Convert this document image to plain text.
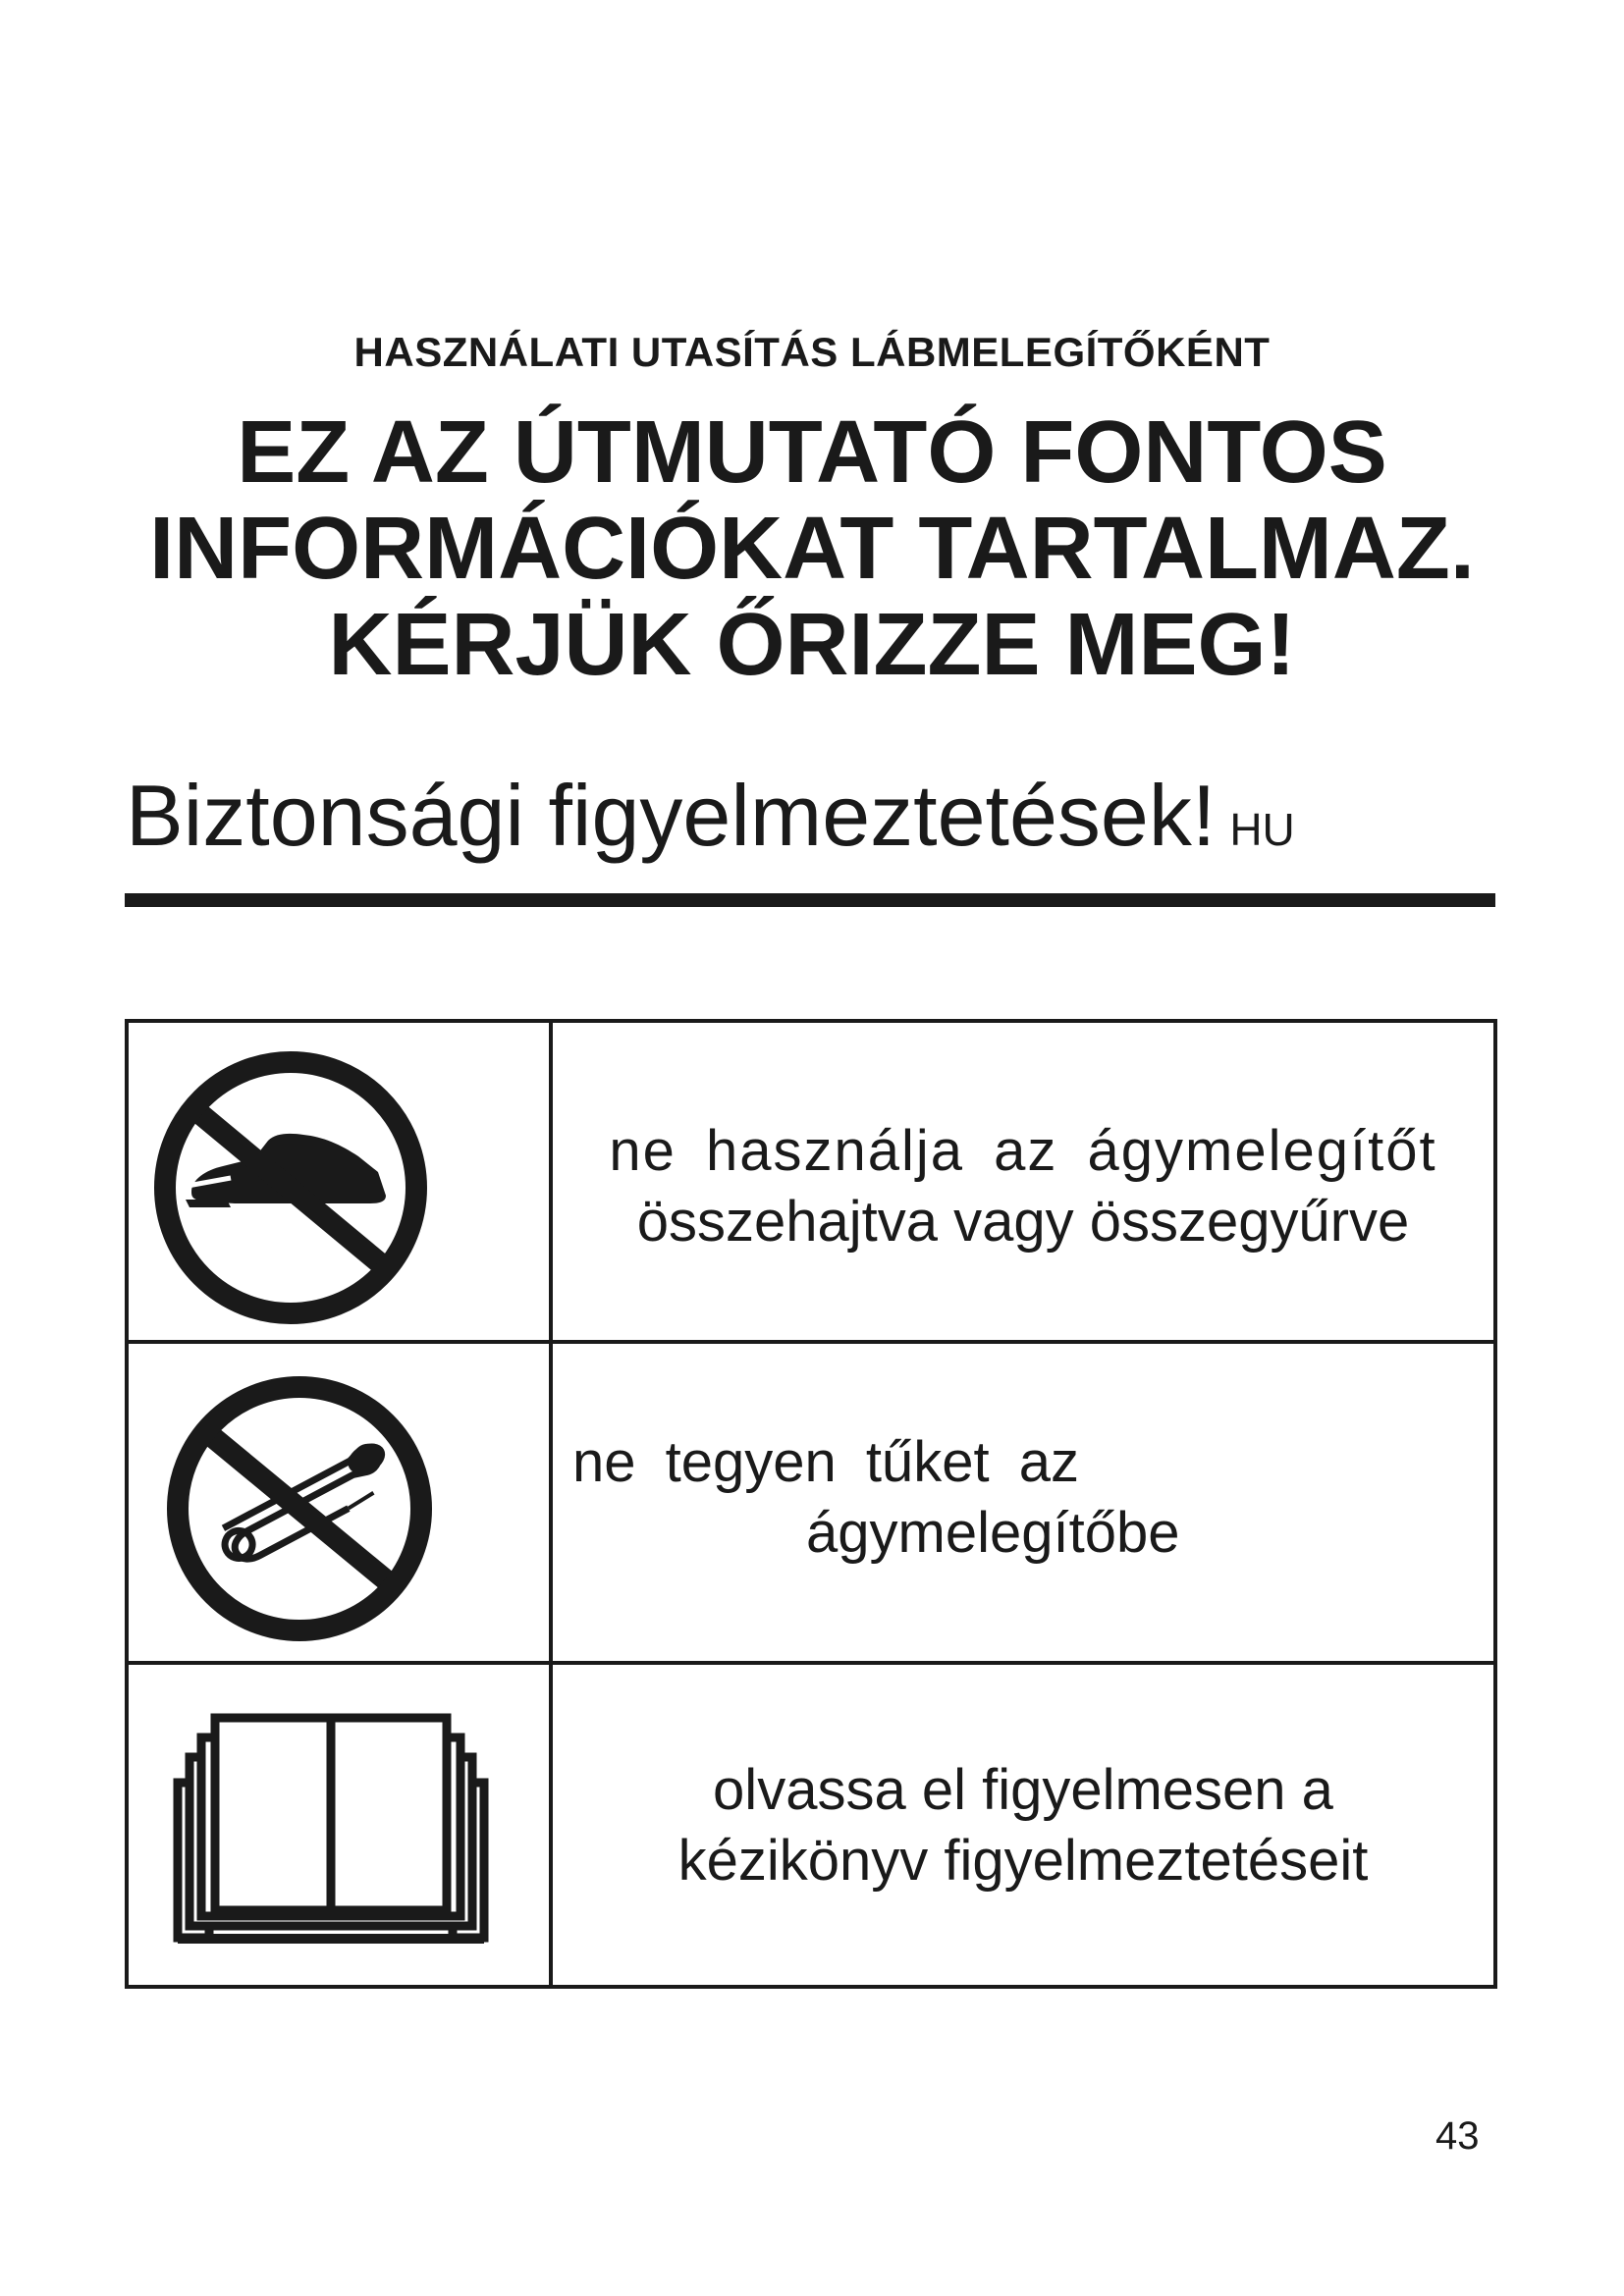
HASZNÁLATI UTASÍTÁS LÁBMELEGÍTŐKÉNT
EZ AZ ÚTMUTATÓ FONTOS
INFORMÁCIÓKAT TARTALMAZ.
KÉRJÜK ŐRIZZE MEG!
Biztonsági figyelmeztetések! HU
ne használja az ágymelegítőt
összehajtva vagy összegyűrve
ne tegyen tűket az
ágymelegítőbe
olvassa el figyelmesen a
kézikönyv figyelmeztetéseit
43
